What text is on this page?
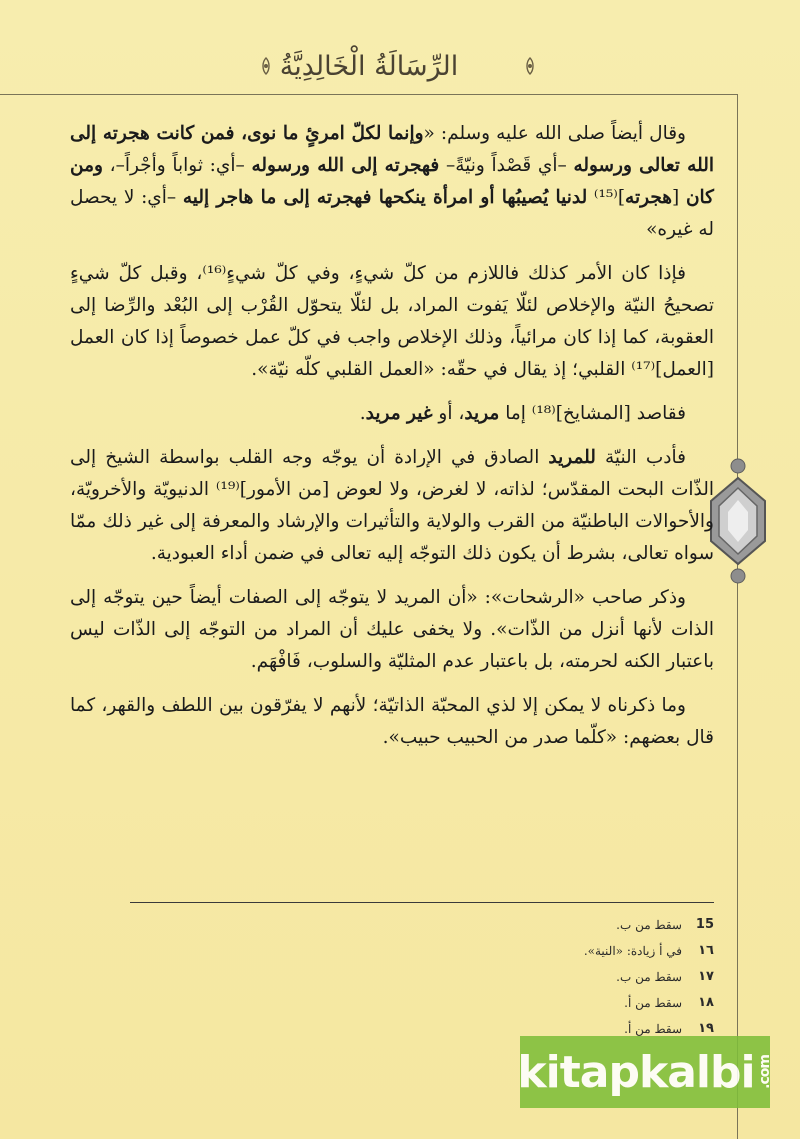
الرِّسَالَةُ الْخَالِدِيَّةُ

وقال أيضاً صلى الله عليه وسلم: «وإنما لكلّ امرئٍ ما نوى، فمن كانت هجرته إلى الله تعالى ورسوله –أي قَصْداً ونيّةً– فهجرته إلى الله ورسوله –أي: ثواباً وأجْراً–، ومن كان [هجرته]⁽¹⁵⁾ لدنيا يُصيبُها أو امرأة ينكحها فهجرته إلى ما هاجر إليه –أي: لا يحصل له غيره»

فإذا كان الأمر كذلك فاللازم من كلّ شيءٍ، وفي كلّ شيءٍ⁽¹⁶⁾، وقبل كلّ شيءٍ تصحيحُ النيّة والإخلاص لئلّا يَفوت المراد، بل لئلّا يتحوّل القُرْب إلى البُعْد والرِّضا إلى العقوبة، كما إذا كان مرائياً، وذلك الإخلاص واجب في كلّ عمل خصوصاً إذا كان العمل [العمل]⁽¹⁷⁾ القلبي؛ إذ يقال في حقّه: «العمل القلبي كلّه نيّة».

فقاصد [المشايخ]⁽¹⁸⁾ إما مريد، أو غير مريد.

فأدب النيّة للمريد الصادق في الإرادة أن يوجّه وجه القلب بواسطة الشيخ إلى الذّات البحت المقدّس؛ لذاته، لا لغرض، ولا لعوض [من الأمور]⁽¹⁹⁾ الدنيويّة والأخرويّة، والأحوالات الباطنيّة من القرب والولاية والتأثيرات والإرشاد والمعرفة إلى غير ذلك ممّا سواه تعالى، بشرط أن يكون ذلك التوجّه إليه تعالى في ضمن أداء العبودية.

وذكر صاحب «الرشحات»: «أن المريد لا يتوجّه إلى الصفات أيضاً حين يتوجّه إلى الذات لأنها أنزل من الذّات». ولا يخفى عليك أن المراد من التوجّه إلى الذّات ليس باعتبار الكنه لحرمته، بل باعتبار عدم المثليّة والسلوب، فَافْهَم.

وما ذكرناه لا يمكن إلا لذي المحبّة الذاتيّة؛ لأنهم لا يفرّقون بين اللطف والقهر، كما قال بعضهم: «كلّما صدر من الحبيب حبيب».

15
سقط من ب.
١٦
في أ زيادة: «النية».
١٧
سقط من ب.
١٨
سقط من أ.
١٩
سقط من أ.
kitapkalbi .com
